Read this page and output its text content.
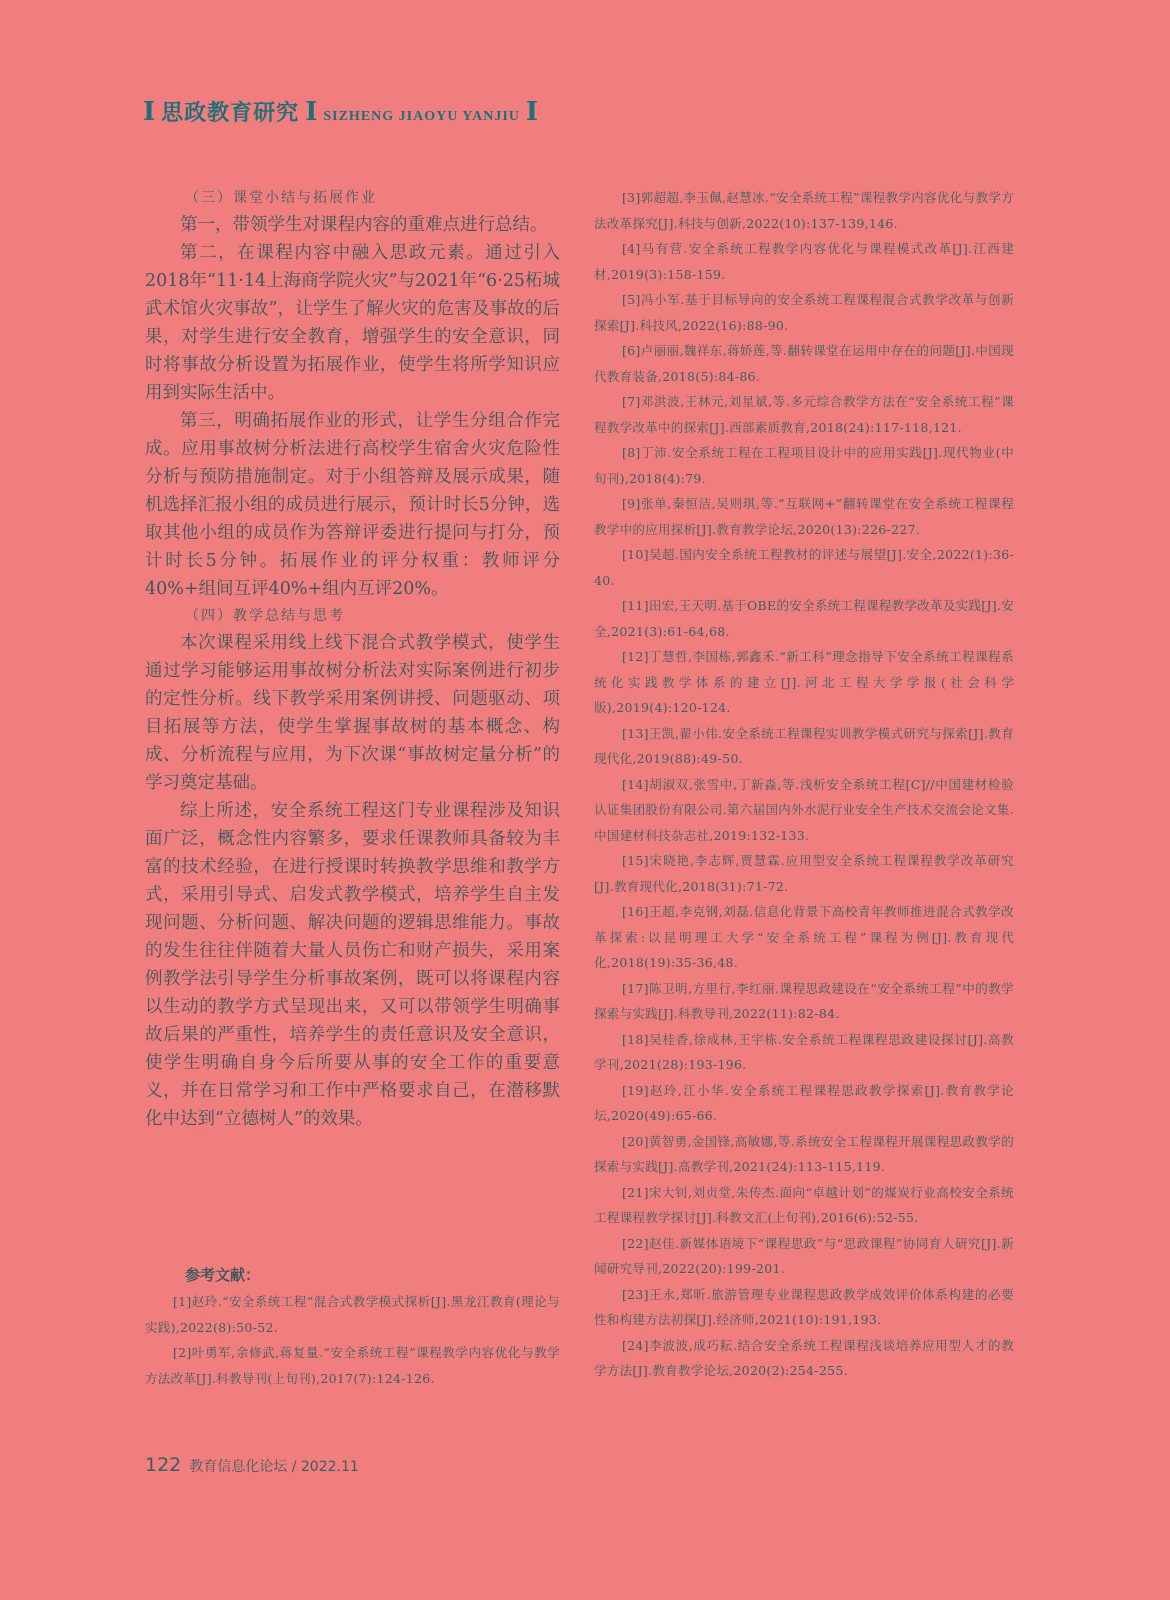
I 思政教育研究 I SIZHENG JIAOYU YANJIU I
（三）课堂小结与拓展作业

第一，带领学生对课程内容的重难点进行总结。

第二，在课程内容中融入思政元素。通过引入2018年“11·14上海商学院火灾”与2021年“6·25柘城武术馆火灾事故”，让学生了解火灾的危害及事故的后果，对学生进行安全教育，增强学生的安全意识，同时将事故分析设置为拓展作业，使学生将所学知识应用到实际生活中。

第三，明确拓展作业的形式，让学生分组合作完成。应用事故树分析法进行高校学生宿舍火灾危险性分析与预防措施制定。对于小组答辩及展示成果，随机选择汇报小组的成员进行展示，预计时长5分钟，选取其他小组的成员作为答辩评委进行提问与打分，预计时长5分钟。拓展作业的评分权重：教师评分40%+组间互评40%+组内互评20%。

（四）教学总结与思考

本次课程采用线上线下混合式教学模式，使学生通过学习能够运用事故树分析法对实际案例进行初步的定性分析。线下教学采用案例讲授、问题驱动、项目拓展等方法，使学生掌握事故树的基本概念、构成、分析流程与应用，为下次课“事故树定量分析”的学习奠定基础。

综上所述，安全系统工程这门专业课程涉及知识面广泛，概念性内容繁多，要求任课教师具备较为丰富的技术经验，在进行授课时转换教学思维和教学方式，采用引导式、启发式教学模式，培养学生自主发现问题、分析问题、解决问题的逻辑思维能力。事故的发生往往伴随着大量人员伤亡和财产损失，采用案例教学法引导学生分析事故案例，既可以将课程内容以生动的教学方式呈现出来，又可以带领学生明确事故后果的严重性，培养学生的责任意识及安全意识，使学生明确自身今后所要从事的安全工作的重要意义，并在日常学习和工作中严格要求自己，在潜移默化中达到“立德树人”的效果。

参考文献：

[1]赵玲.“安全系统工程”混合式教学模式探析[J].黑龙江教育(理论与实践),2022(8):50-52.

[2]叶勇军,余修武,蒋复量.“安全系统工程”课程教学内容优化与教学方法改革[J].科教导刊(上旬刊),2017(7):124-126.

[3]郭超超,李玉佩,赵慧冰.“安全系统工程”课程教学内容优化与教学方法改革探究[J].科技与创新,2022(10):137-139,146.

[4]马有营.安全系统工程教学内容优化与课程模式改革[J].江西建材,2019(3):158-159.

[5]冯小军.基于目标导向的安全系统工程课程混合式教学改革与创新探索[J].科技风,2022(16):88-90.

[6]卢丽丽,魏祥东,蒋娇莲,等.翻转课堂在运用中存在的问题[J].中国现代教育装备,2018(5):84-86.

[7]邓洪波,王林元,刘星斌,等.多元综合教学方法在“安全系统工程”课程教学改革中的探索[J].西部素质教育,2018(24):117-118,121.

[8]丁沛.安全系统工程在工程项目设计中的应用实践[J].现代物业(中旬刊),2018(4):79.

[9]张单,秦恒洁,吴则琪,等.“互联网+”翻转课堂在安全系统工程课程教学中的应用探析[J].教育教学论坛,2020(13):226-227.

[10]吴超.国内安全系统工程教材的评述与展望[J].安全,2022(1):36-40.

[11]田宏,王天明.基于OBE的安全系统工程课程教学改革及实践[J].安全,2021(3):61-64,68.

[12]丁慧哲,李国栋,郭鑫禾.“新工科”理念指导下安全系统工程课程系统化实践教学体系的建立[J].河北工程大学学报(社会科学版),2019(4):120-124.

[13]王凯,翟小伟.安全系统工程课程实训教学模式研究与探索[J].教育现代化,2019(88):49-50.

[14]胡淑双,张雪中,丁新淼,等.浅析安全系统工程[C]//中国建材检验认证集团股份有限公司.第六届国内外水泥行业安全生产技术交流会论文集.中国建材科技杂志社,2019:132-133.

[15]宋晓艳,李志辉,贾慧霖.应用型安全系统工程课程教学改革研究[J].教育现代化,2018(31):71-72.

[16]王超,李克钢,刘磊.信息化背景下高校青年教师推进混合式教学改革探索:以昆明理工大学“安全系统工程”课程为例[J].教育现代化,2018(19):35-36,48.

[17]陈卫明,方里行,李红丽.课程思政建设在“安全系统工程”中的教学探索与实践[J].科教导刊,2022(11):82-84.

[18]吴桂香,徐成林,王宇栋.安全系统工程课程思政建设探讨[J].高教学刊,2021(28):193-196.

[19]赵玲,江小华.安全系统工程课程思政教学探索[J].教育教学论坛,2020(49):65-66.

[20]黄智勇,金国锋,高敏娜,等.系统安全工程课程开展课程思政教学的探索与实践[J].高教学刊,2021(24):113-115,119.

[21]宋大钊,刘贞堂,朱传杰.面向“卓越计划”的煤炭行业高校安全系统工程课程教学探讨[J].科教文汇(上旬刊),2016(6):52-55.

[22]赵佳.新媒体语境下“课程思政”与“思政课程”协同育人研究[J].新闻研究导刊,2022(20):199-201.

[23]王永,郑昕.旅游管理专业课程思政教学成效评价体系构建的必要性和构建方法初探[J].经济师,2021(10):191,193.

[24]李波波,成巧耘.结合安全系统工程课程浅谈培养应用型人才的教学方法[J].教育教学论坛,2020(2):254-255.

122 教育信息化论坛 / 2022.11
